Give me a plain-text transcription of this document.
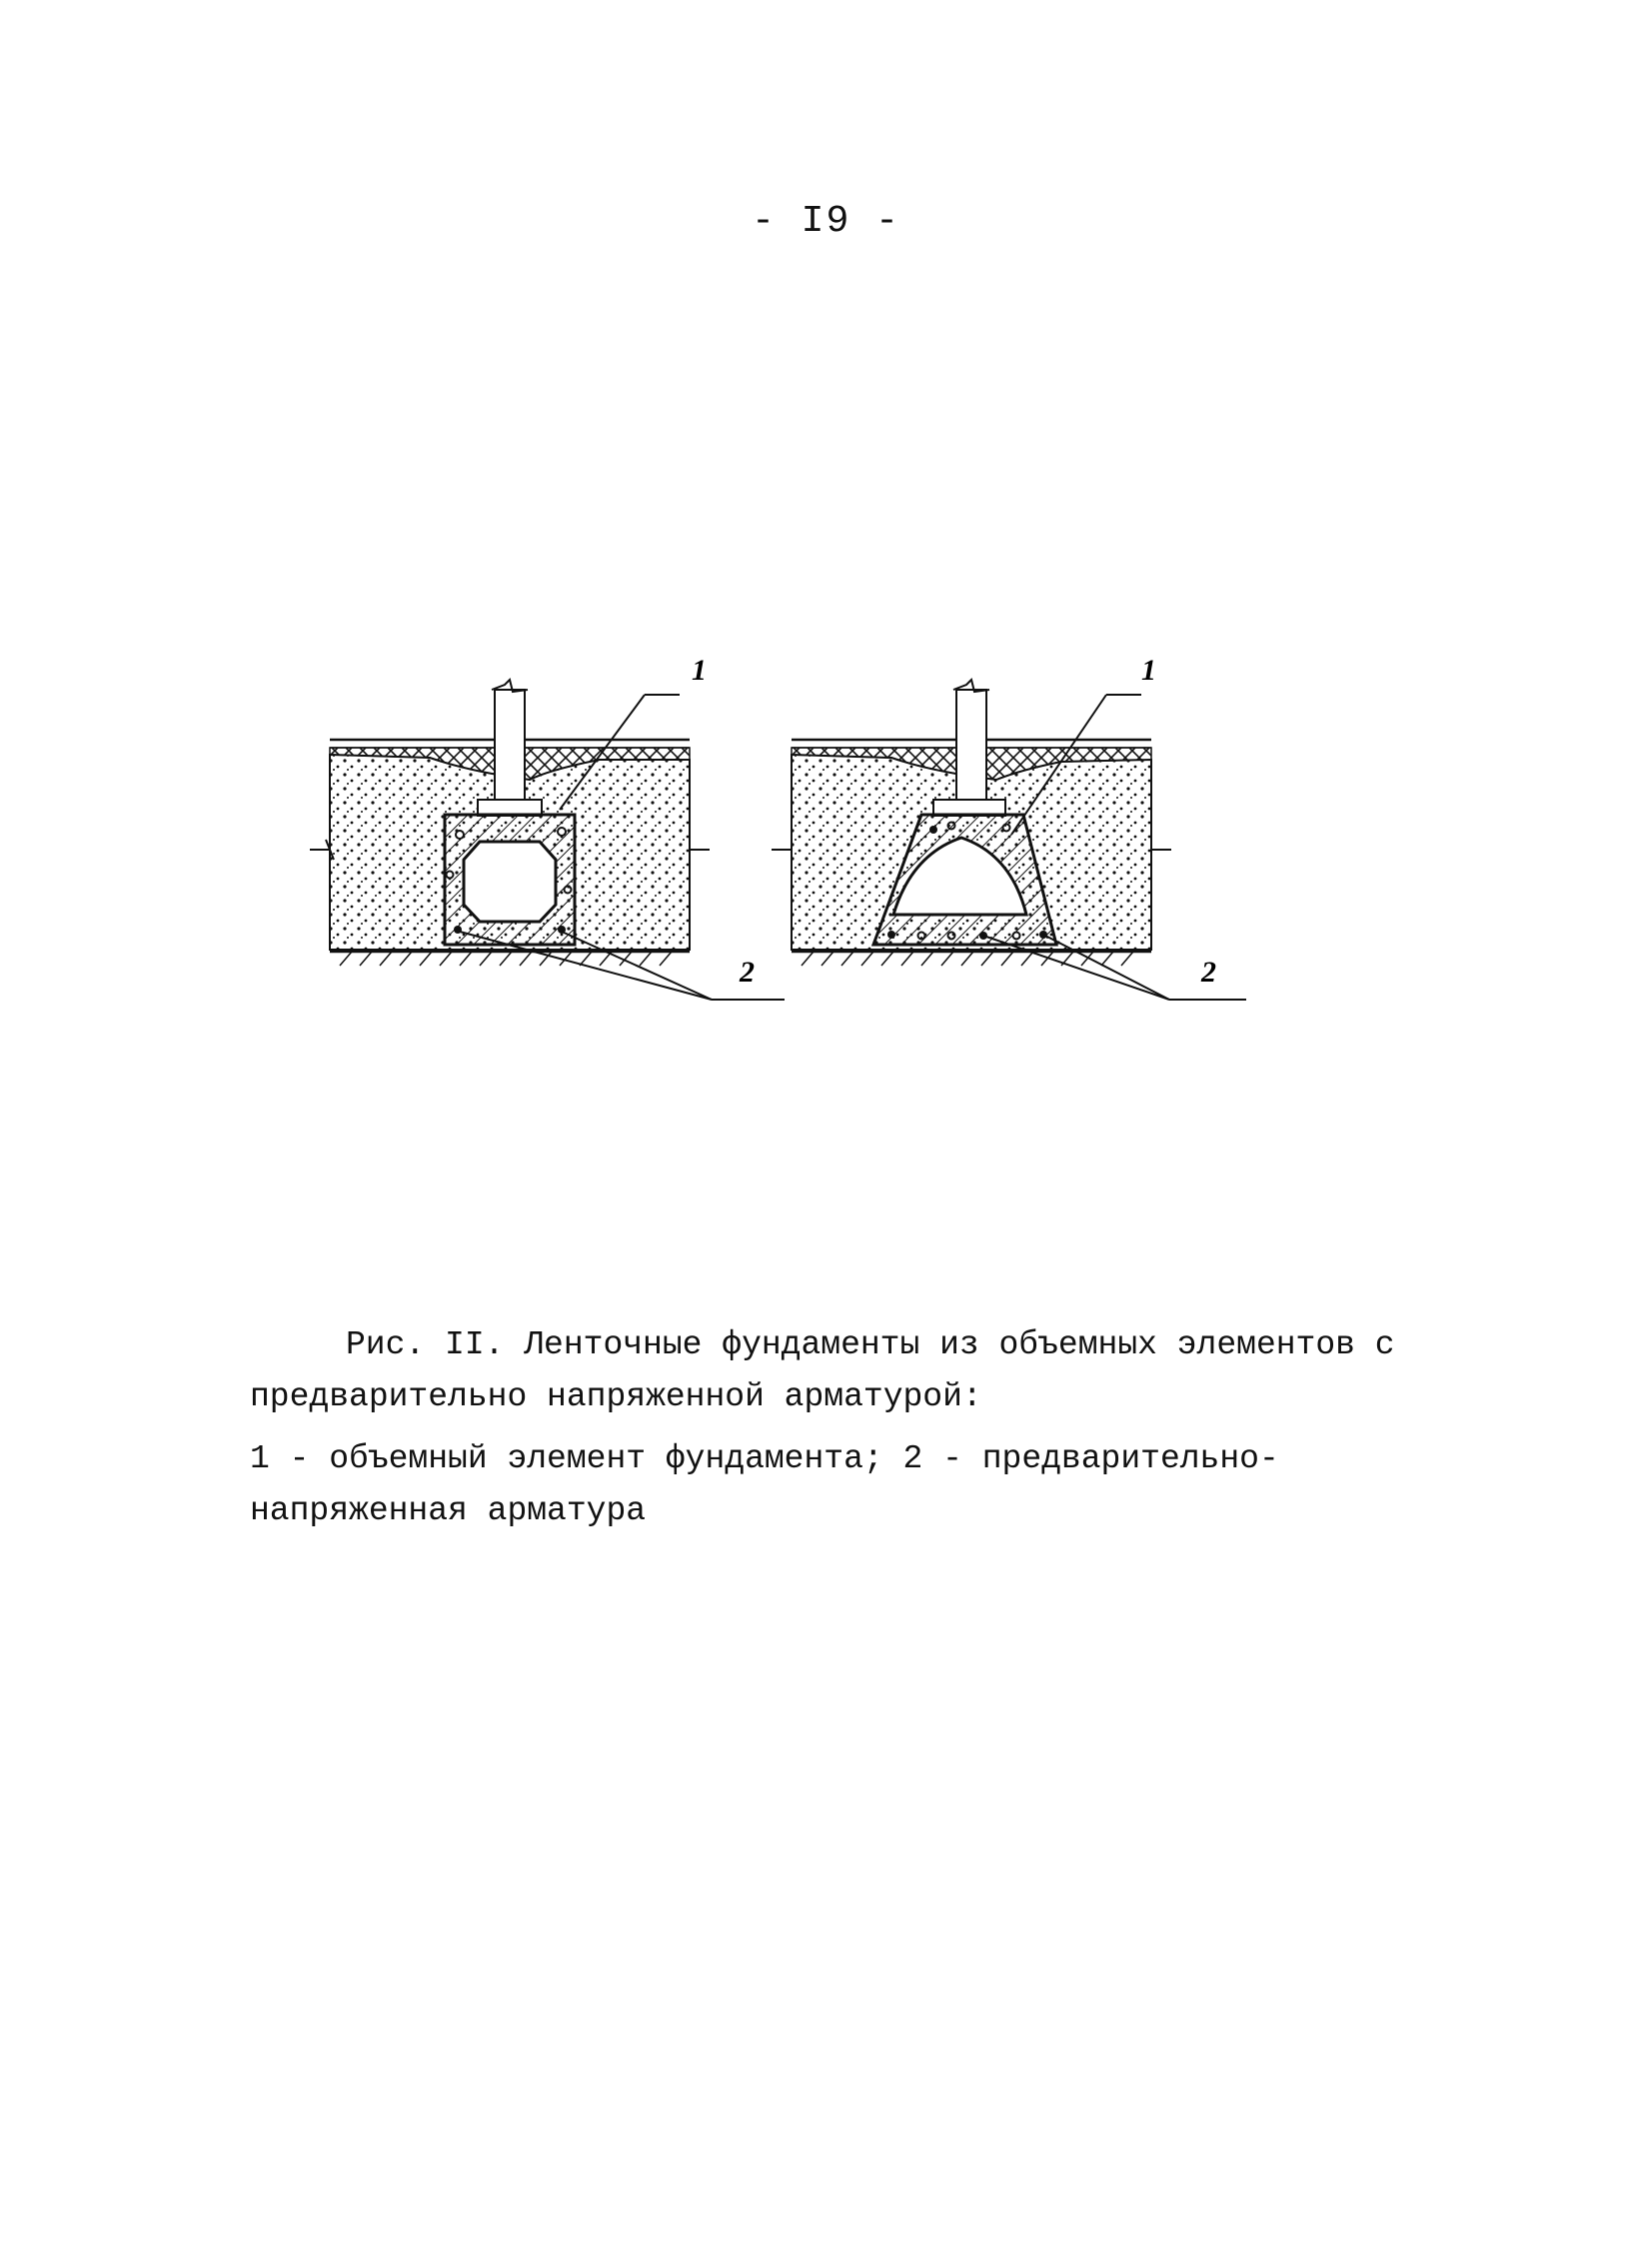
- I9 -
1
2
1
2

Рис. II. Ленточные фундаменты из объемных элементов с предварительно напряженной арматурой:

1 - объемный элемент фундамента; 2 - предварительно-напряженная арматура
